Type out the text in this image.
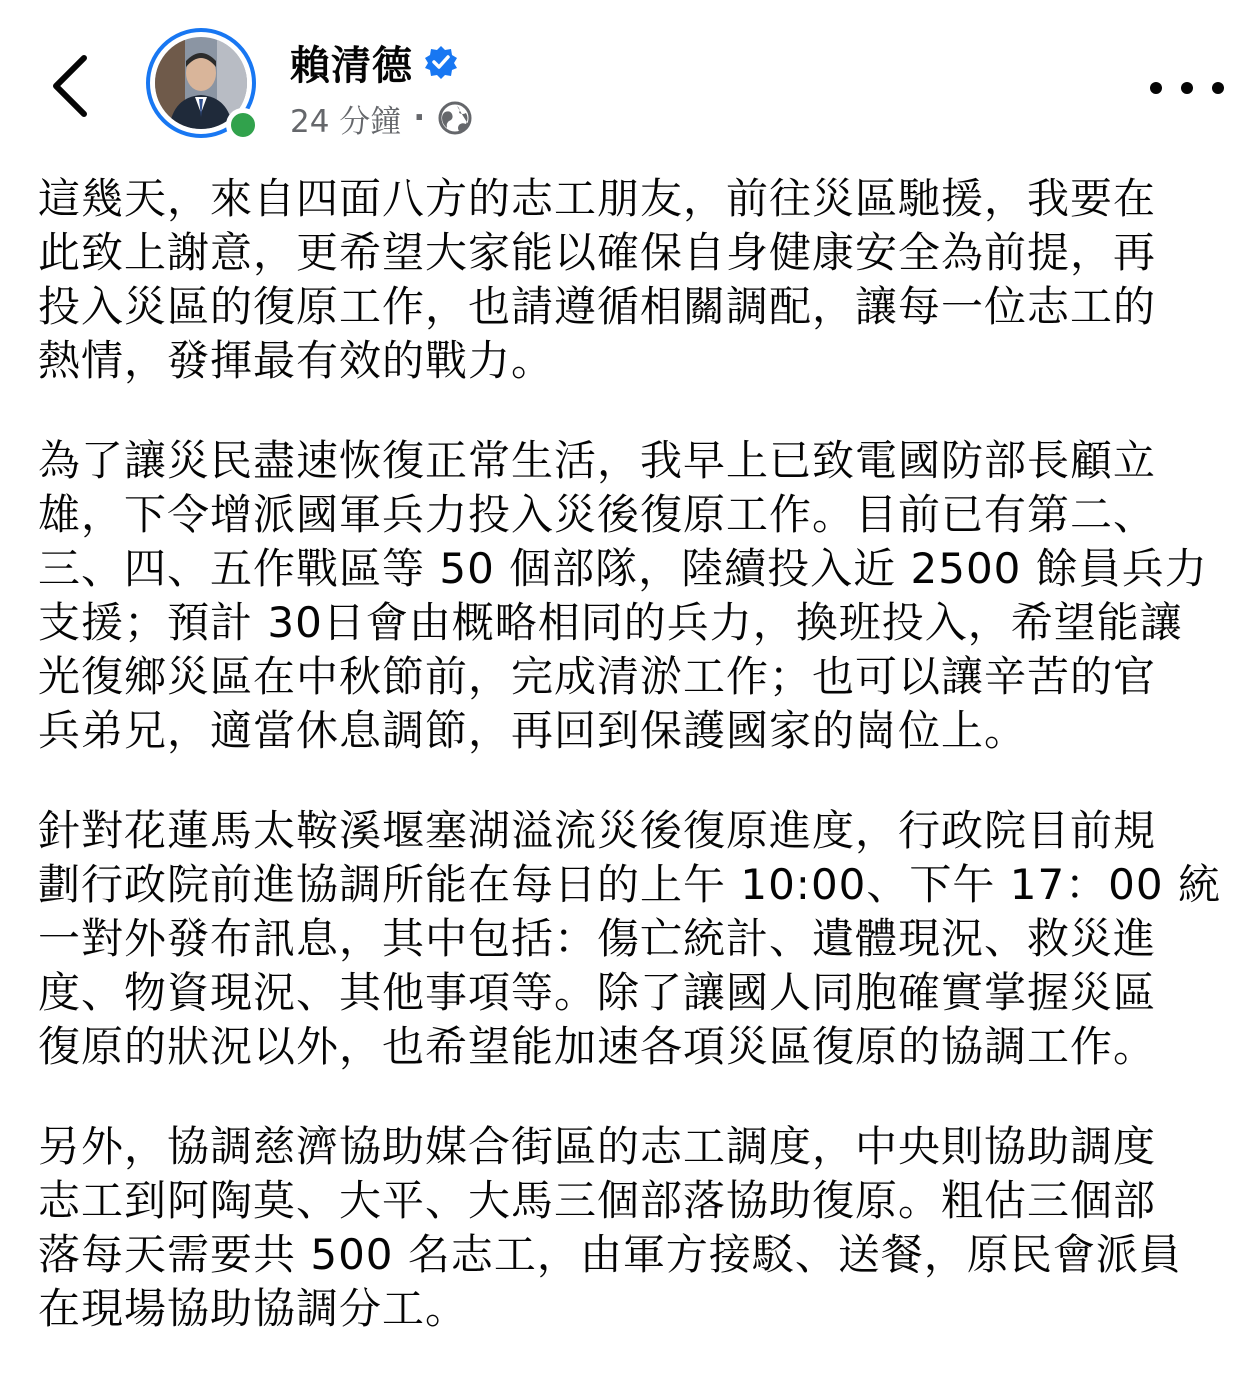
賴清德
24 分鐘 ·

這幾天，來自四面八方的志工朋友，前往災區馳援，我要在
此致上謝意，更希望大家能以確保自身健康安全為前提，再
投入災區的復原工作，也請遵循相關調配，讓每一位志工的
熱情，發揮最有效的戰力。

為了讓災民盡速恢復正常生活，我早上已致電國防部長顧立
雄，下令增派國軍兵力投入災後復原工作。目前已有第二、
三、四、五作戰區等 50 個部隊，陸續投入近 2500 餘員兵力
支援；預計 30日會由概略相同的兵力，換班投入，希望能讓
光復鄉災區在中秋節前，完成清淤工作；也可以讓辛苦的官
兵弟兄，適當休息調節，再回到保護國家的崗位上。

針對花蓮馬太鞍溪堰塞湖溢流災後復原進度，行政院目前規
劃行政院前進協調所能在每日的上午 10:00、下午 17：00 統
一對外發布訊息，其中包括：傷亡統計、遺體現況、救災進
度、物資現況、其他事項等。除了讓國人同胞確實掌握災區
復原的狀況以外，也希望能加速各項災區復原的協調工作。

另外，協調慈濟協助媒合街區的志工調度，中央則協助調度
志工到阿陶莫、大平、大馬三個部落協助復原。粗估三個部
落每天需要共 500 名志工，由軍方接駁、送餐，原民會派員
在現場協助協調分工。
